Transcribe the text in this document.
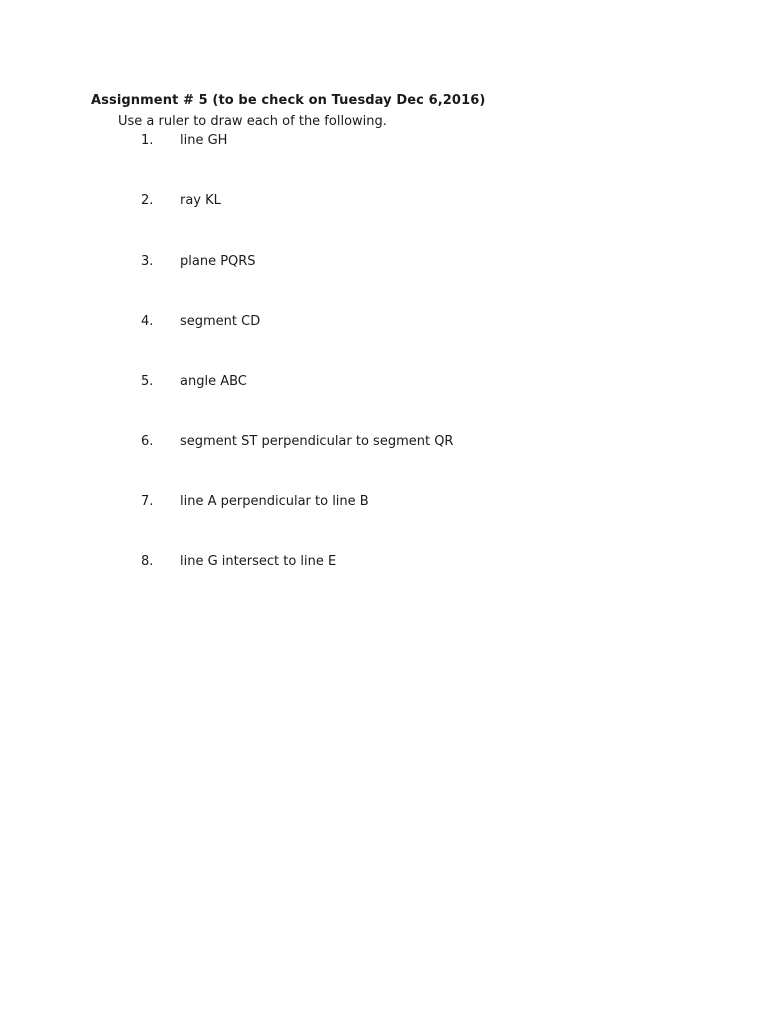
Assignment # 5 (to be check on Tuesday Dec 6,2016)
Use a ruler to draw each of the following.
1. line GH
2. ray KL
3. plane PQRS
4. segment CD
5. angle ABC
6. segment ST perpendicular to segment QR
7. line A perpendicular to line B
8. line G intersect to line E
